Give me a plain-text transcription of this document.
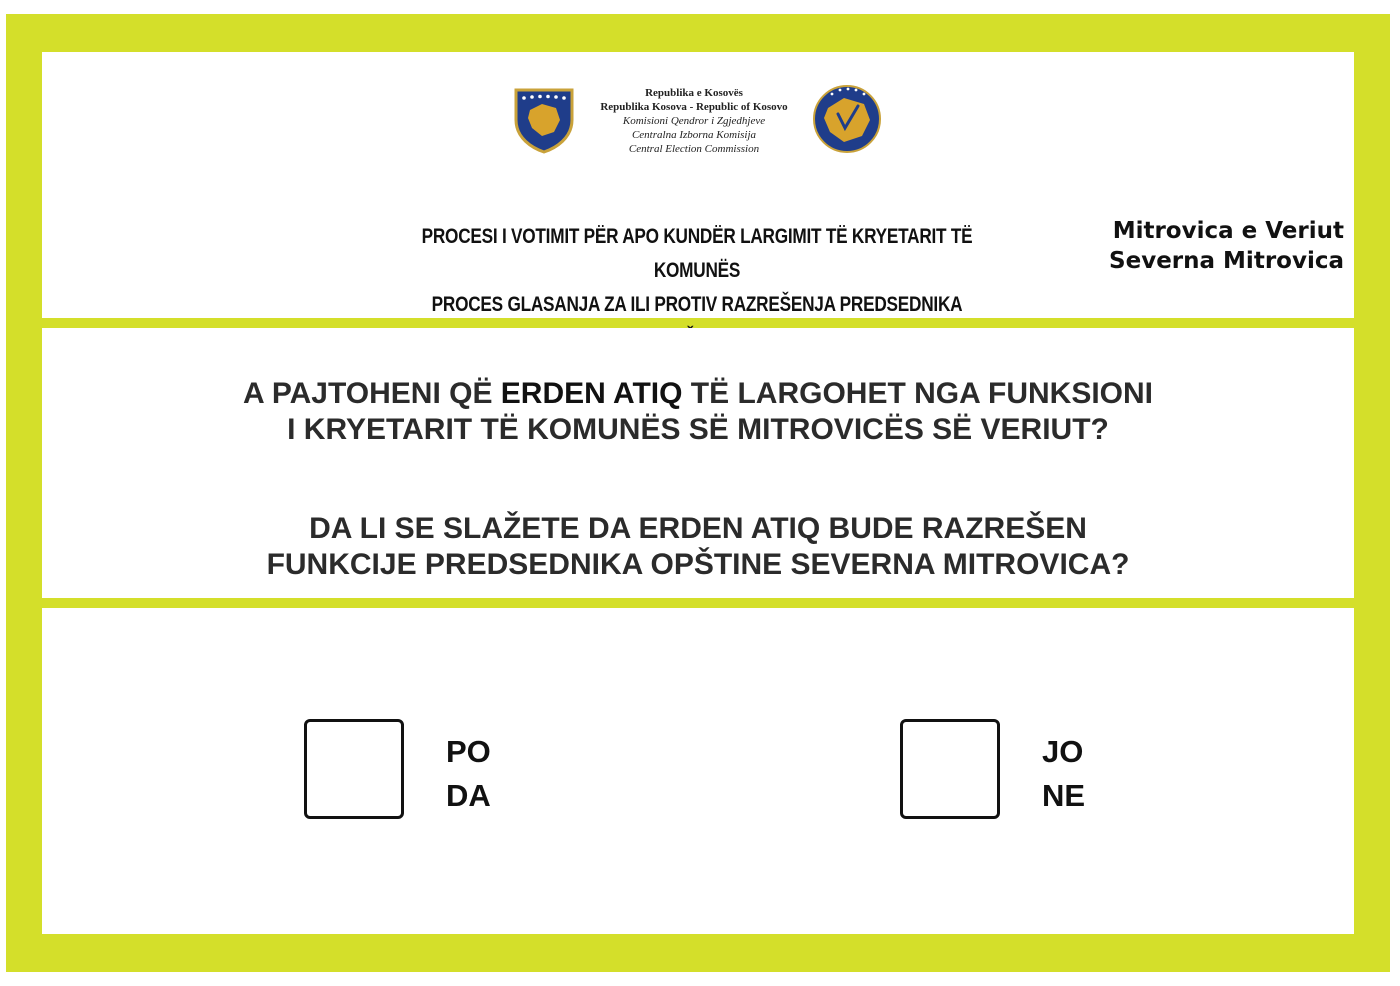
Republika e Kosovës
Republika Kosova - Republic of Kosovo
Komisioni Qendror i Zgjedhjeve
Centralna Izborna Komisija
Central Election Commission
PROCESI I VOTIMIT PËR APO KUNDËR LARGIMIT TË KRYETARIT TË KOMUNËS
PROCES GLASANJA ZA ILI PROTIV RAZREŠENJA PREDSEDNIKA
Mitrovica e Veriut
Severna Mitrovica
A PAJTOHENI QË ERDEN ATIQ TË LARGOHET NGA FUNKSIONI
I KRYETARIT TË KOMUNËS SË MITROVICËS SË VERIUT?
DA LI SE SLAŽETE DA ERDEN ATIQ BUDE RAZREŠEN
FUNKCIJE PREDSEDNIKA OPŠTINE SEVERNA MITROVICA?
PO
DA
JO
NE
